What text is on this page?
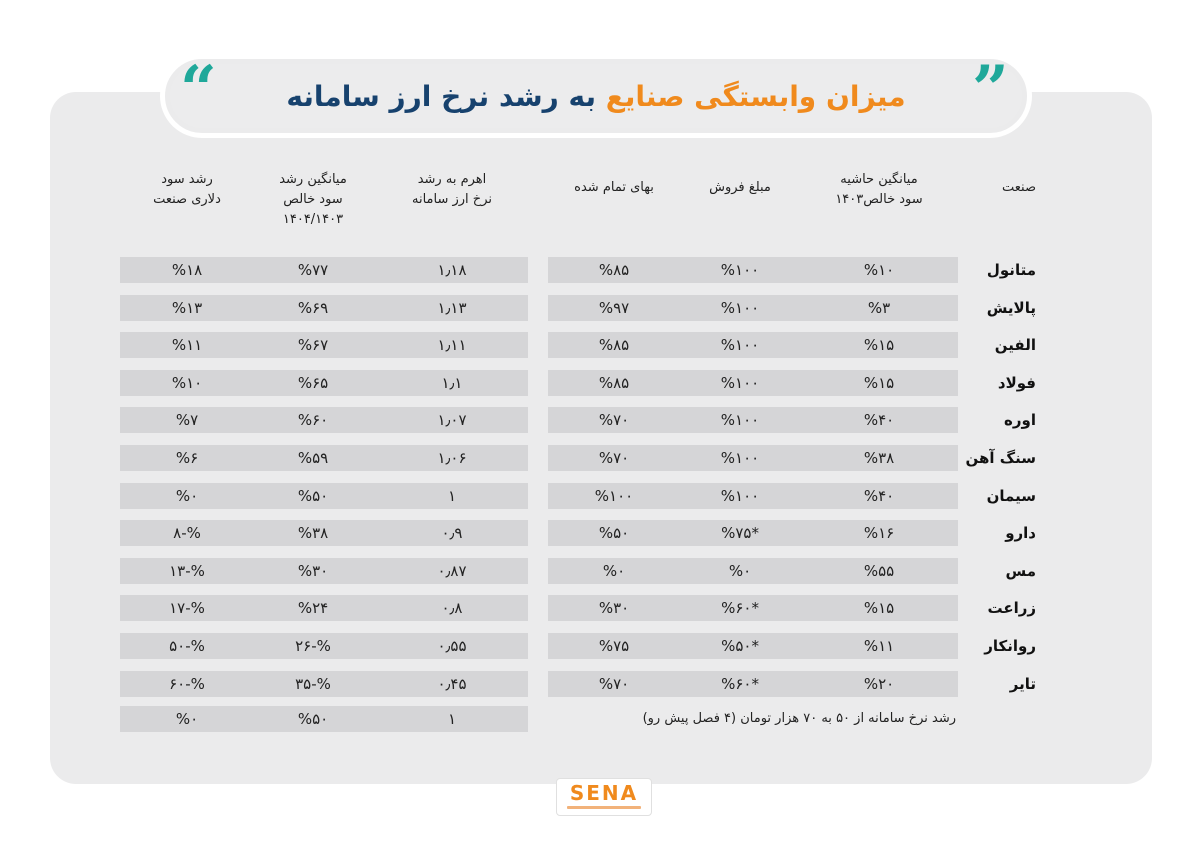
میزان وابستگی صنایع به رشد نرخ ارز سامانه
“	”
صنعت
میانگین حاشیه
سود خالص۱۴۰۳
مبلغ فروش
بهای تمام شده
اهرم به رشد
نرخ ارز سامانه
میانگین رشد
سود خالص
۱۴۰۴/۱۴۰۳
رشد سود
دلاری صنعت
متانول
%۱۰
%۱۰۰
%۸۵
۱٫۱۸
%۷۷
%۱۸
پالایش
%۳
%۱۰۰
%۹۷
۱٫۱۳
%۶۹
%۱۳
الفین
%۱۵
%۱۰۰
%۸۵
۱٫۱۱
%۶۷
%۱۱
فولاد
%۱۵
%۱۰۰
%۸۵
۱٫۱
%۶۵
%۱۰
اوره
%۴۰
%۱۰۰
%۷۰
۱٫۰۷
%۶۰
%۷
سنگ آهن
%۳۸
%۱۰۰
%۷۰
۱٫۰۶
%۵۹
%۶
سیمان
%۴۰
%۱۰۰
%۱۰۰
۱
%۵۰
%۰
دارو
%۱۶
*%۷۵
%۵۰
۰٫۹
%۳۸
%-۸
مس
%۵۵
%۰
%۰
۰٫۸۷
%۳۰
%-۱۳
زراعت
%۱۵
*%۶۰
%۳۰
۰٫۸
%۲۴
%-۱۷
روانکار
%۱۱
*%۵۰
%۷۵
۰٫۵۵
%-۲۶
%-۵۰
تایر
%۲۰
*%۶۰
%۷۰
۰٫۴۵
%-۳۵
%-۶۰
۱
%۵۰
%۰	رشد نرخ سامانه از ۵۰ به ۷۰ هزار تومان (۴ فصل پیش رو)
SENA
